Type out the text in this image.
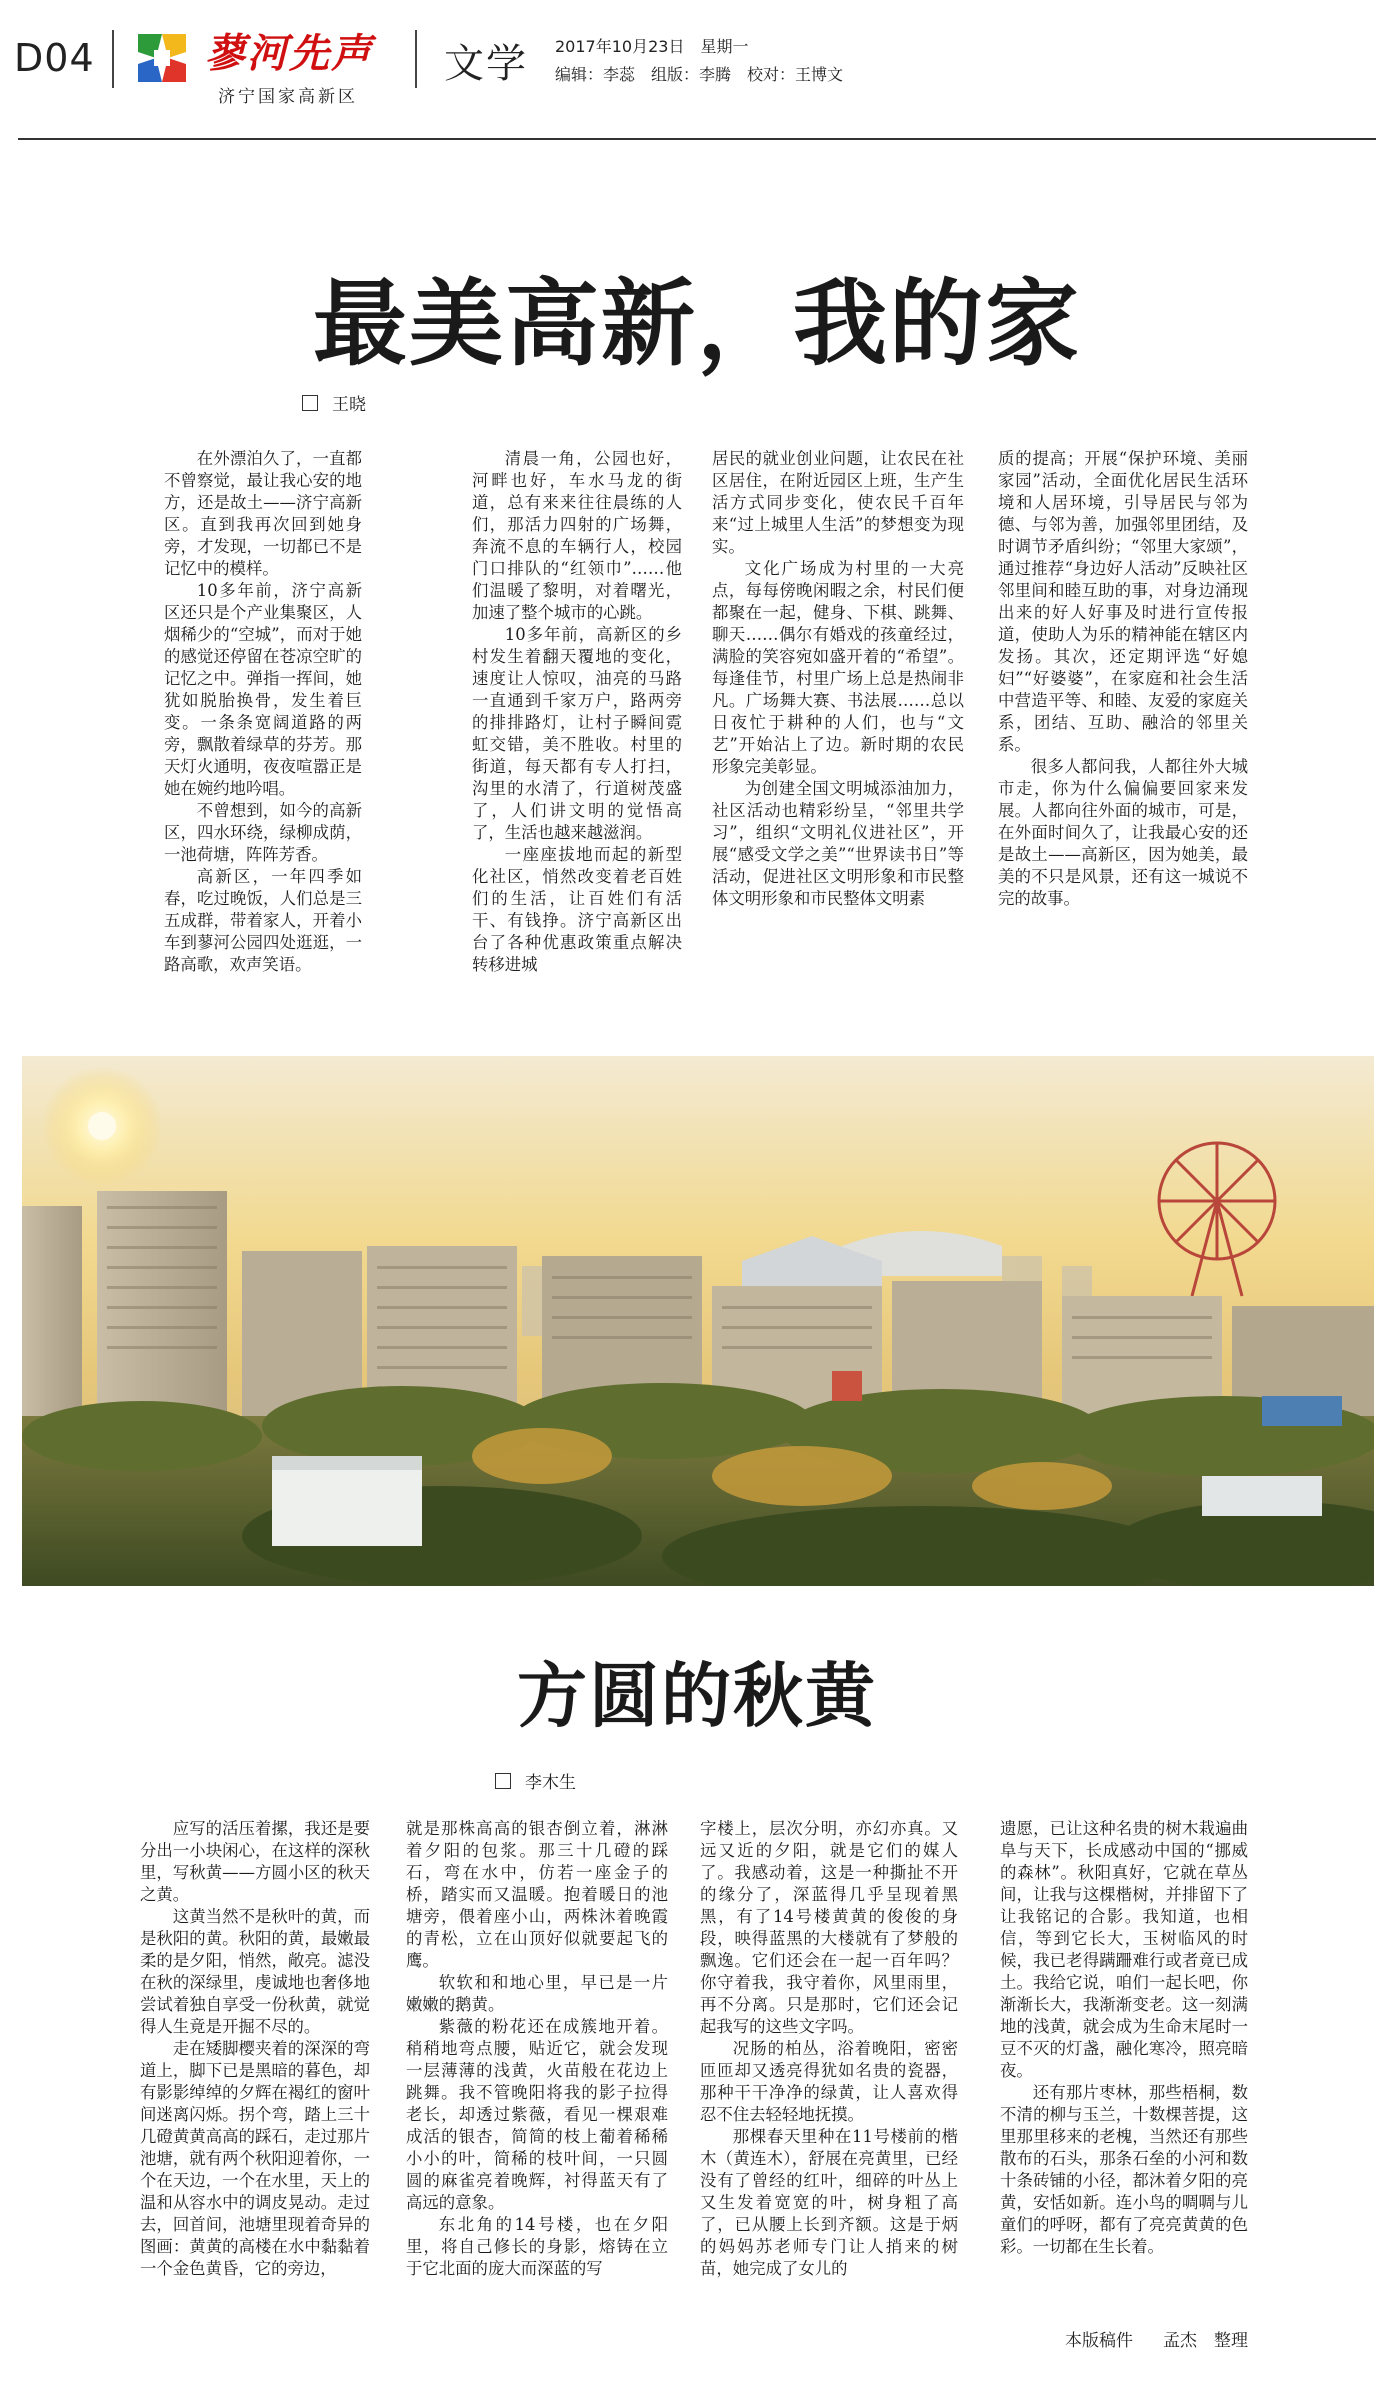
D04	蓼河先声
济宁国家高新区
文学 2017年10月23日　星期一
编辑：李蕊　组版：李腾　校对：王博文
最美高新，我的家
王晓

在外漂泊久了，一直都不曾察觉，最让我心安的地方，还是故土——济宁高新区。直到我再次回到她身旁，才发现，一切都已不是记忆中的模样。

10多年前，济宁高新区还只是个产业集聚区，人烟稀少的“空城”，而对于她的感觉还停留在苍凉空旷的记忆之中。弹指一挥间，她犹如脱胎换骨，发生着巨变。一条条宽阔道路的两旁，飘散着绿草的芬芳。那天灯火通明，夜夜喧嚣正是她在婉约地吟唱。

不曾想到，如今的高新区，四水环绕，绿柳成荫，一池荷塘，阵阵芳香。

高新区，一年四季如春，吃过晚饭，人们总是三五成群，带着家人，开着小车到蓼河公园四处逛逛，一路高歌，欢声笑语。

清晨一角，公园也好，河畔也好，车水马龙的街道，总有来来往往晨练的人们，那活力四射的广场舞，奔流不息的车辆行人，校园门口排队的“红领巾”……他们温暖了黎明，对着曙光，加速了整个城市的心跳。

10多年前，高新区的乡村发生着翻天覆地的变化，速度让人惊叹，油亮的马路一直通到千家万户，路两旁的排排路灯，让村子瞬间霓虹交错，美不胜收。村里的街道，每天都有专人打扫，沟里的水清了，行道树茂盛了，人们讲文明的觉悟高了，生活也越来越滋润。

一座座拔地而起的新型化社区，悄然改变着老百姓们的生活，让百姓们有活干、有钱挣。济宁高新区出台了各种优惠政策重点解决转移进城

居民的就业创业问题，让农民在社区居住，在附近园区上班，生产生活方式同步变化，使农民千百年来“过上城里人生活”的梦想变为现实。

文化广场成为村里的一大亮点，每每傍晚闲暇之余，村民们便都聚在一起，健身、下棋、跳舞、聊天……偶尔有婚戏的孩童经过，满脸的笑容宛如盛开着的“希望”。每逢佳节，村里广场上总是热闹非凡。广场舞大赛、书法展……总以日夜忙于耕种的人们，也与“文艺”开始沾上了边。新时期的农民形象完美彰显。

为创建全国文明城添油加力，社区活动也精彩纷呈，“邻里共学习”，组织“文明礼仪进社区”，开展“感受文学之美”“世界读书日”等活动，促进社区文明形象和市民整体文明形象和市民整体文明素

质的提高；开展“保护环境、美丽家园”活动，全面优化居民生活环境和人居环境，引导居民与邻为德、与邻为善，加强邻里团结，及时调节矛盾纠纷；“邻里大家颂”，通过推荐“身边好人活动”反映社区邻里间和睦互助的事，对身边涌现出来的好人好事及时进行宣传报道，使助人为乐的精神能在辖区内发扬。其次，还定期评选“好媳妇”“好婆婆”，在家庭和社会生活中营造平等、和睦、友爱的家庭关系，团结、互助、融洽的邻里关系。

很多人都问我，人都往外大城市走，你为什么偏偏要回家来发展。人都向往外面的城市，可是，在外面时间久了，让我最心安的还是故土——高新区，因为她美，最美的不只是风景，还有这一城说不完的故事。

方圆的秋黄
李木生

应写的活压着摞，我还是要分出一小块闲心，在这样的深秋里，写秋黄——方圆小区的秋天之黄。

这黄当然不是秋叶的黄，而是秋阳的黄。秋阳的黄，最嫩最柔的是夕阳，悄然，敞亮。滤没在秋的深绿里，虔诚地也奢侈地尝试着独自享受一份秋黄，就觉得人生竟是开掘不尽的。

走在矮脚樱夹着的深深的弯道上，脚下已是黑暗的暮色，却有影影绰绰的夕辉在褐红的窗叶间迷离闪烁。拐个弯，踏上三十几磴黄黄高高的踩石，走过那片池塘，就有两个秋阳迎着你，一个在天边，一个在水里，天上的温和从容水中的调皮晃动。走过去，回首间，池塘里现着奇异的图画：黄黄的高楼在水中黏黏着一个金色黄昏，它的旁边，

就是那株高高的银杏倒立着，淋淋着夕阳的包浆。那三十几磴的踩石，弯在水中，仿若一座金子的桥，踏实而又温暖。抱着暖日的池塘旁，偎着座小山，两株沐着晚霞的青松，立在山顶好似就要起飞的鹰。

软软和和地心里，早已是一片嫩嫩的鹅黄。

紫薇的粉花还在成簇地开着。稍稍地弯点腰，贴近它，就会发现一层薄薄的浅黄，火苗般在花边上跳舞。我不管晚阳将我的影子拉得老长，却透过紫薇，看见一棵艰难成活的银杏，简简的枝上葡着稀稀小小的叶，简稀的枝叶间，一只圆圆的麻雀亮着晚辉，衬得蓝天有了高远的意象。

东北角的14号楼，也在夕阳里，将自己修长的身影，熔铸在立于它北面的庞大而深蓝的写

字楼上，层次分明，亦幻亦真。又远又近的夕阳，就是它们的媒人了。我感动着，这是一种撕扯不开的缘分了，深蓝得几乎呈现着黑黑，有了14号楼黄黄的俊俊的身段，映得蓝黑的大楼就有了梦般的飘逸。它们还会在一起一百年吗？你守着我，我守着你，风里雨里，再不分离。只是那时，它们还会记起我写的这些文字吗。

况肠的柏丛，浴着晚阳，密密匝匝却又透亮得犹如名贵的瓷器，那种干干净净的绿黄，让人喜欢得忍不住去轻轻地抚摸。

那棵春天里种在11号楼前的楷木（黄连木），舒展在亮黄里，已经没有了曾经的红叶，细碎的叶丛上又生发着宽宽的叶，树身粗了高了，已从腰上长到齐额。这是于炳的妈妈苏老师专门让人捎来的树苗，她完成了女儿的

遗愿，已让这种名贵的树木栽遍曲阜与天下，长成感动中国的“挪威的森林”。秋阳真好，它就在草丛间，让我与这棵楷树，并排留下了让我铭记的合影。我知道，也相信，等到它长大，玉树临风的时候，我已老得蹒跚难行或者竟已成土。我给它说，咱们一起长吧，你渐渐长大，我渐渐变老。这一刻满地的浅黄，就会成为生命末尾时一豆不灭的灯盏，融化寒冷，照亮暗夜。

还有那片枣林，那些梧桐，数不清的柳与玉兰，十数棵菩提，这里那里移来的老槐，当然还有那些散布的石头，那条石垒的小河和数十条砖铺的小径，都沐着夕阳的亮黄，安恬如新。连小鸟的啁啁与儿童们的呼呀，都有了亮亮黄黄的色彩。一切都在生长着。

本版稿件 孟杰　整理
